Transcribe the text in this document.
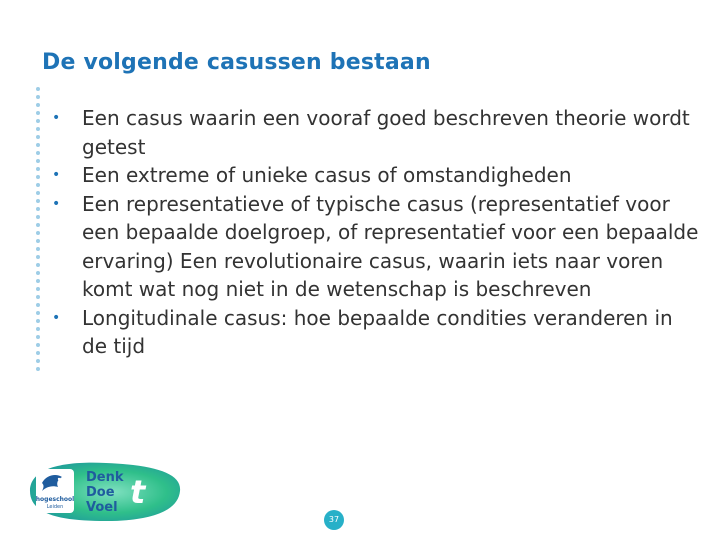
De volgende casussen bestaan
•	Een casus waarin een vooraf goed beschreven theorie wordt getest
•	Een extreme of unieke casus of omstandigheden
•	Een representatieve of typische casus (representatief voor een bepaalde doelgroep, of representatief voor een bepaalde ervaring) Een revolutionaire casus, waarin iets naar voren komt wat nog niet in de wetenschap is beschreven
•	Longitudinale casus: hoe bepaalde condities veranderen in de tijd
hogeschool
Leiden
Denk
Doe
Voel t
37
